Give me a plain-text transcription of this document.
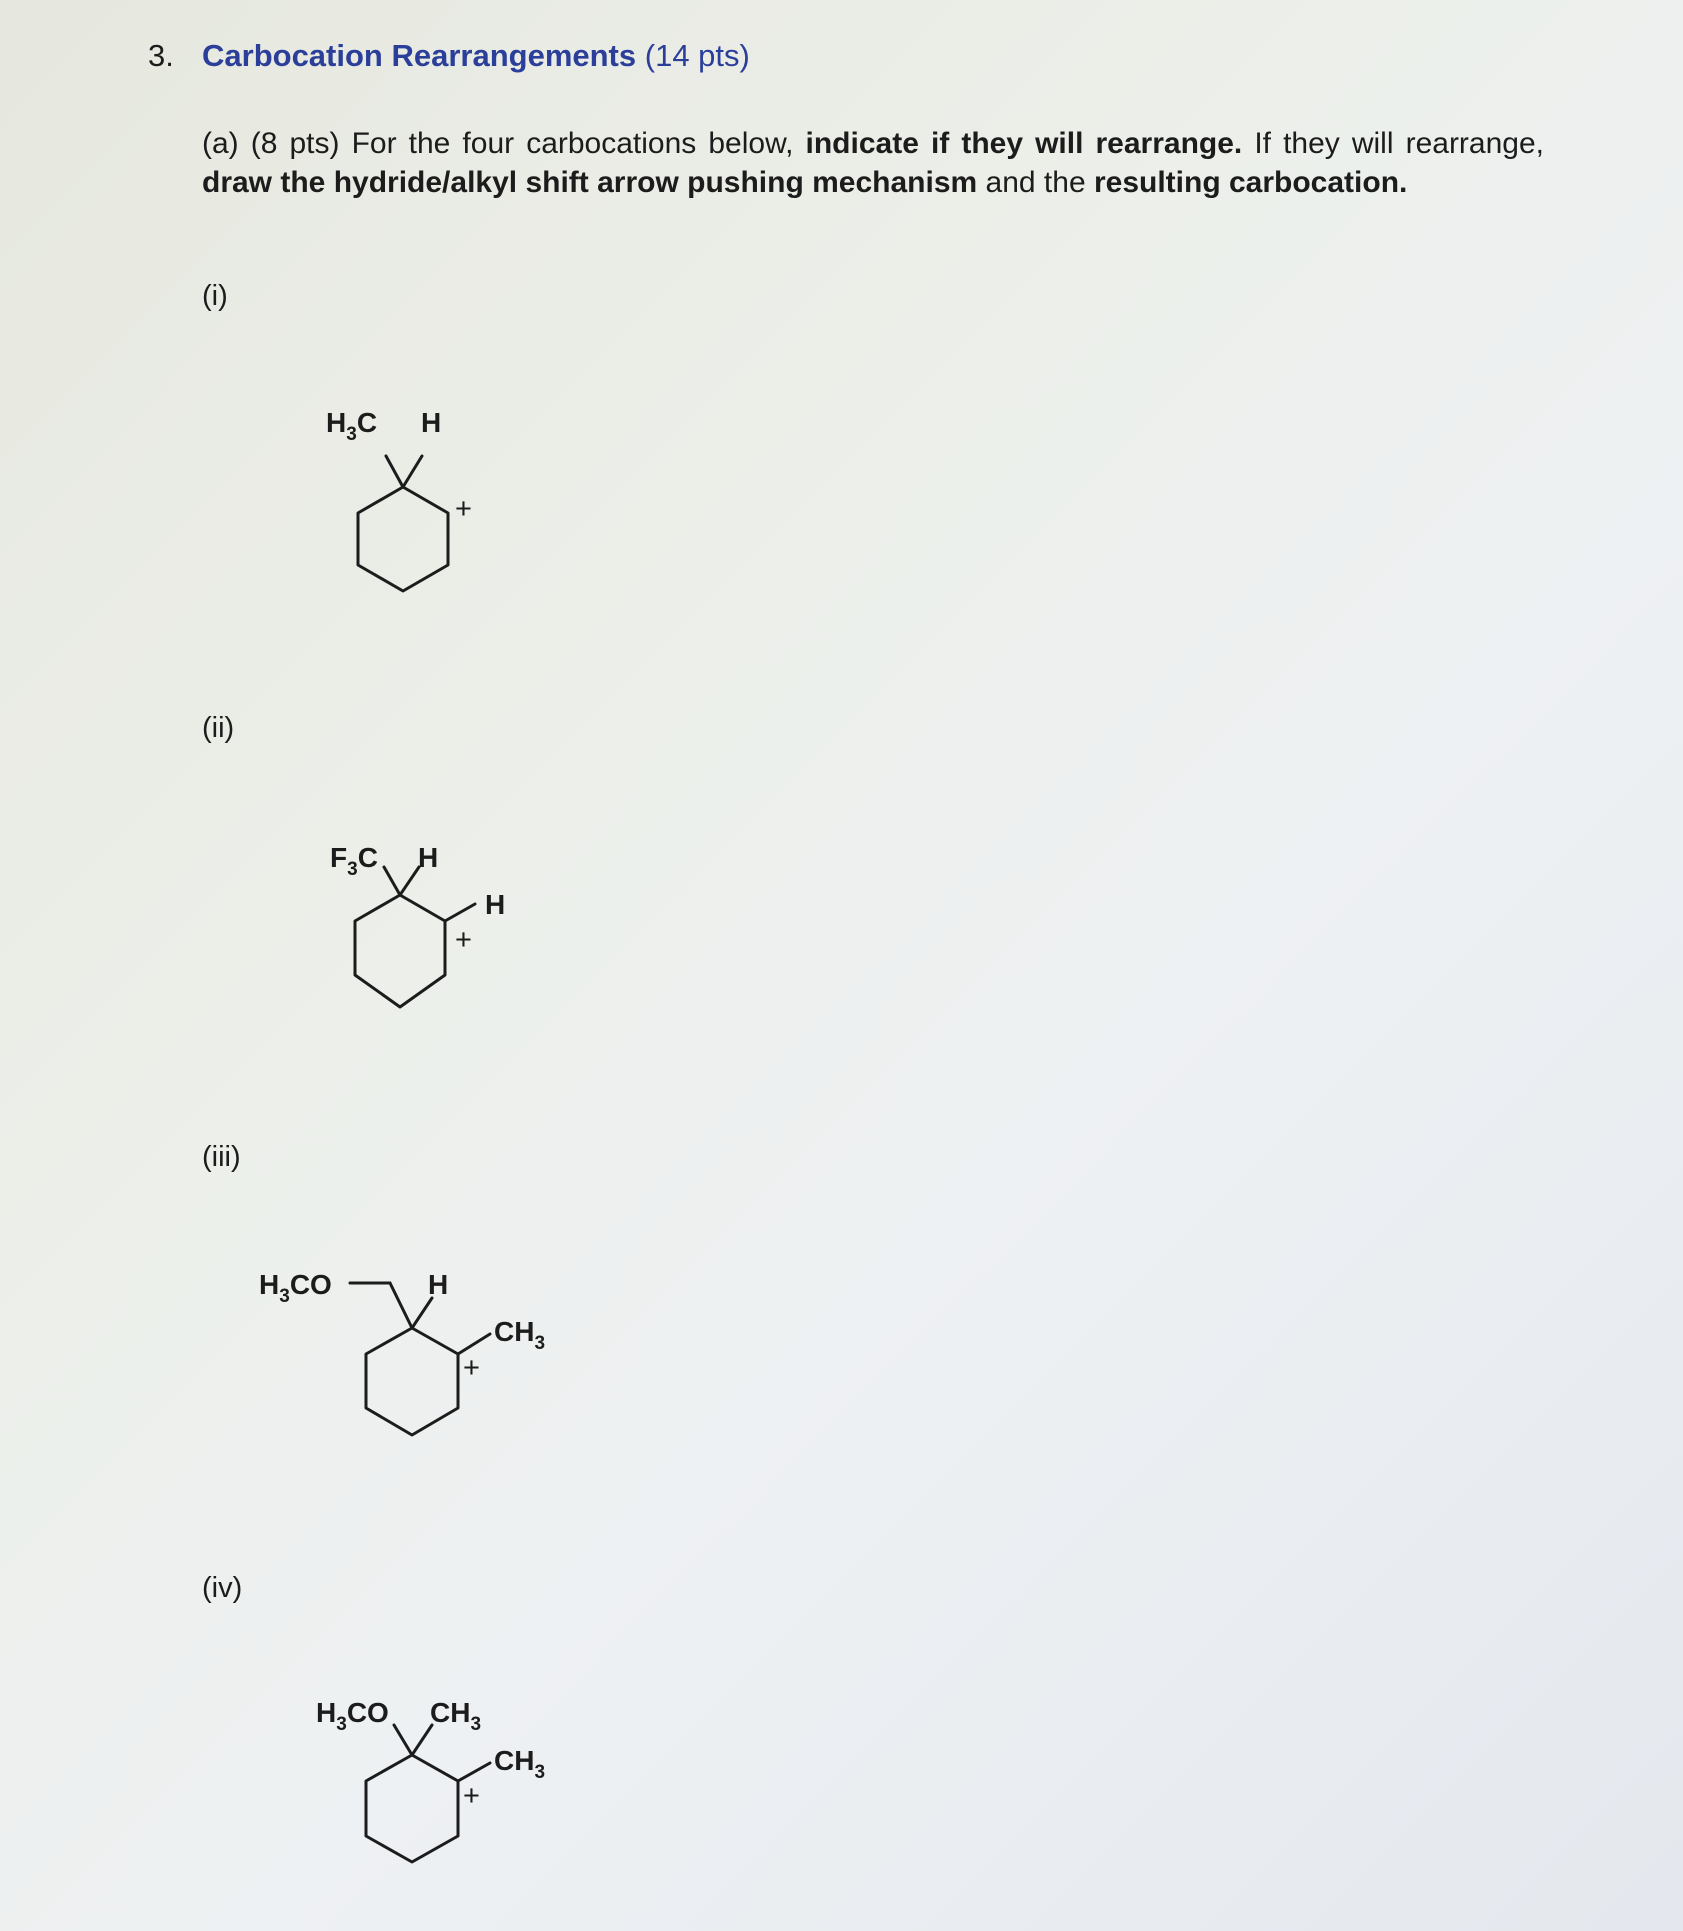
3. Carbocation Rearrangements (14 pts)
(a) (8 pts) For the four carbocations below, indicate if they will rearrange. If they will rearrange, draw the hydride/alkyl shift arrow pushing mechanism and the resulting carbocation.
(i)
(ii)
(iii)
(iv)
$H_3C$ H
+
$F_3C$ H
H
+
$H_3CO$	H
$CH_3$
+
$H_3CO$ $CH_3$
$CH_3$
+
